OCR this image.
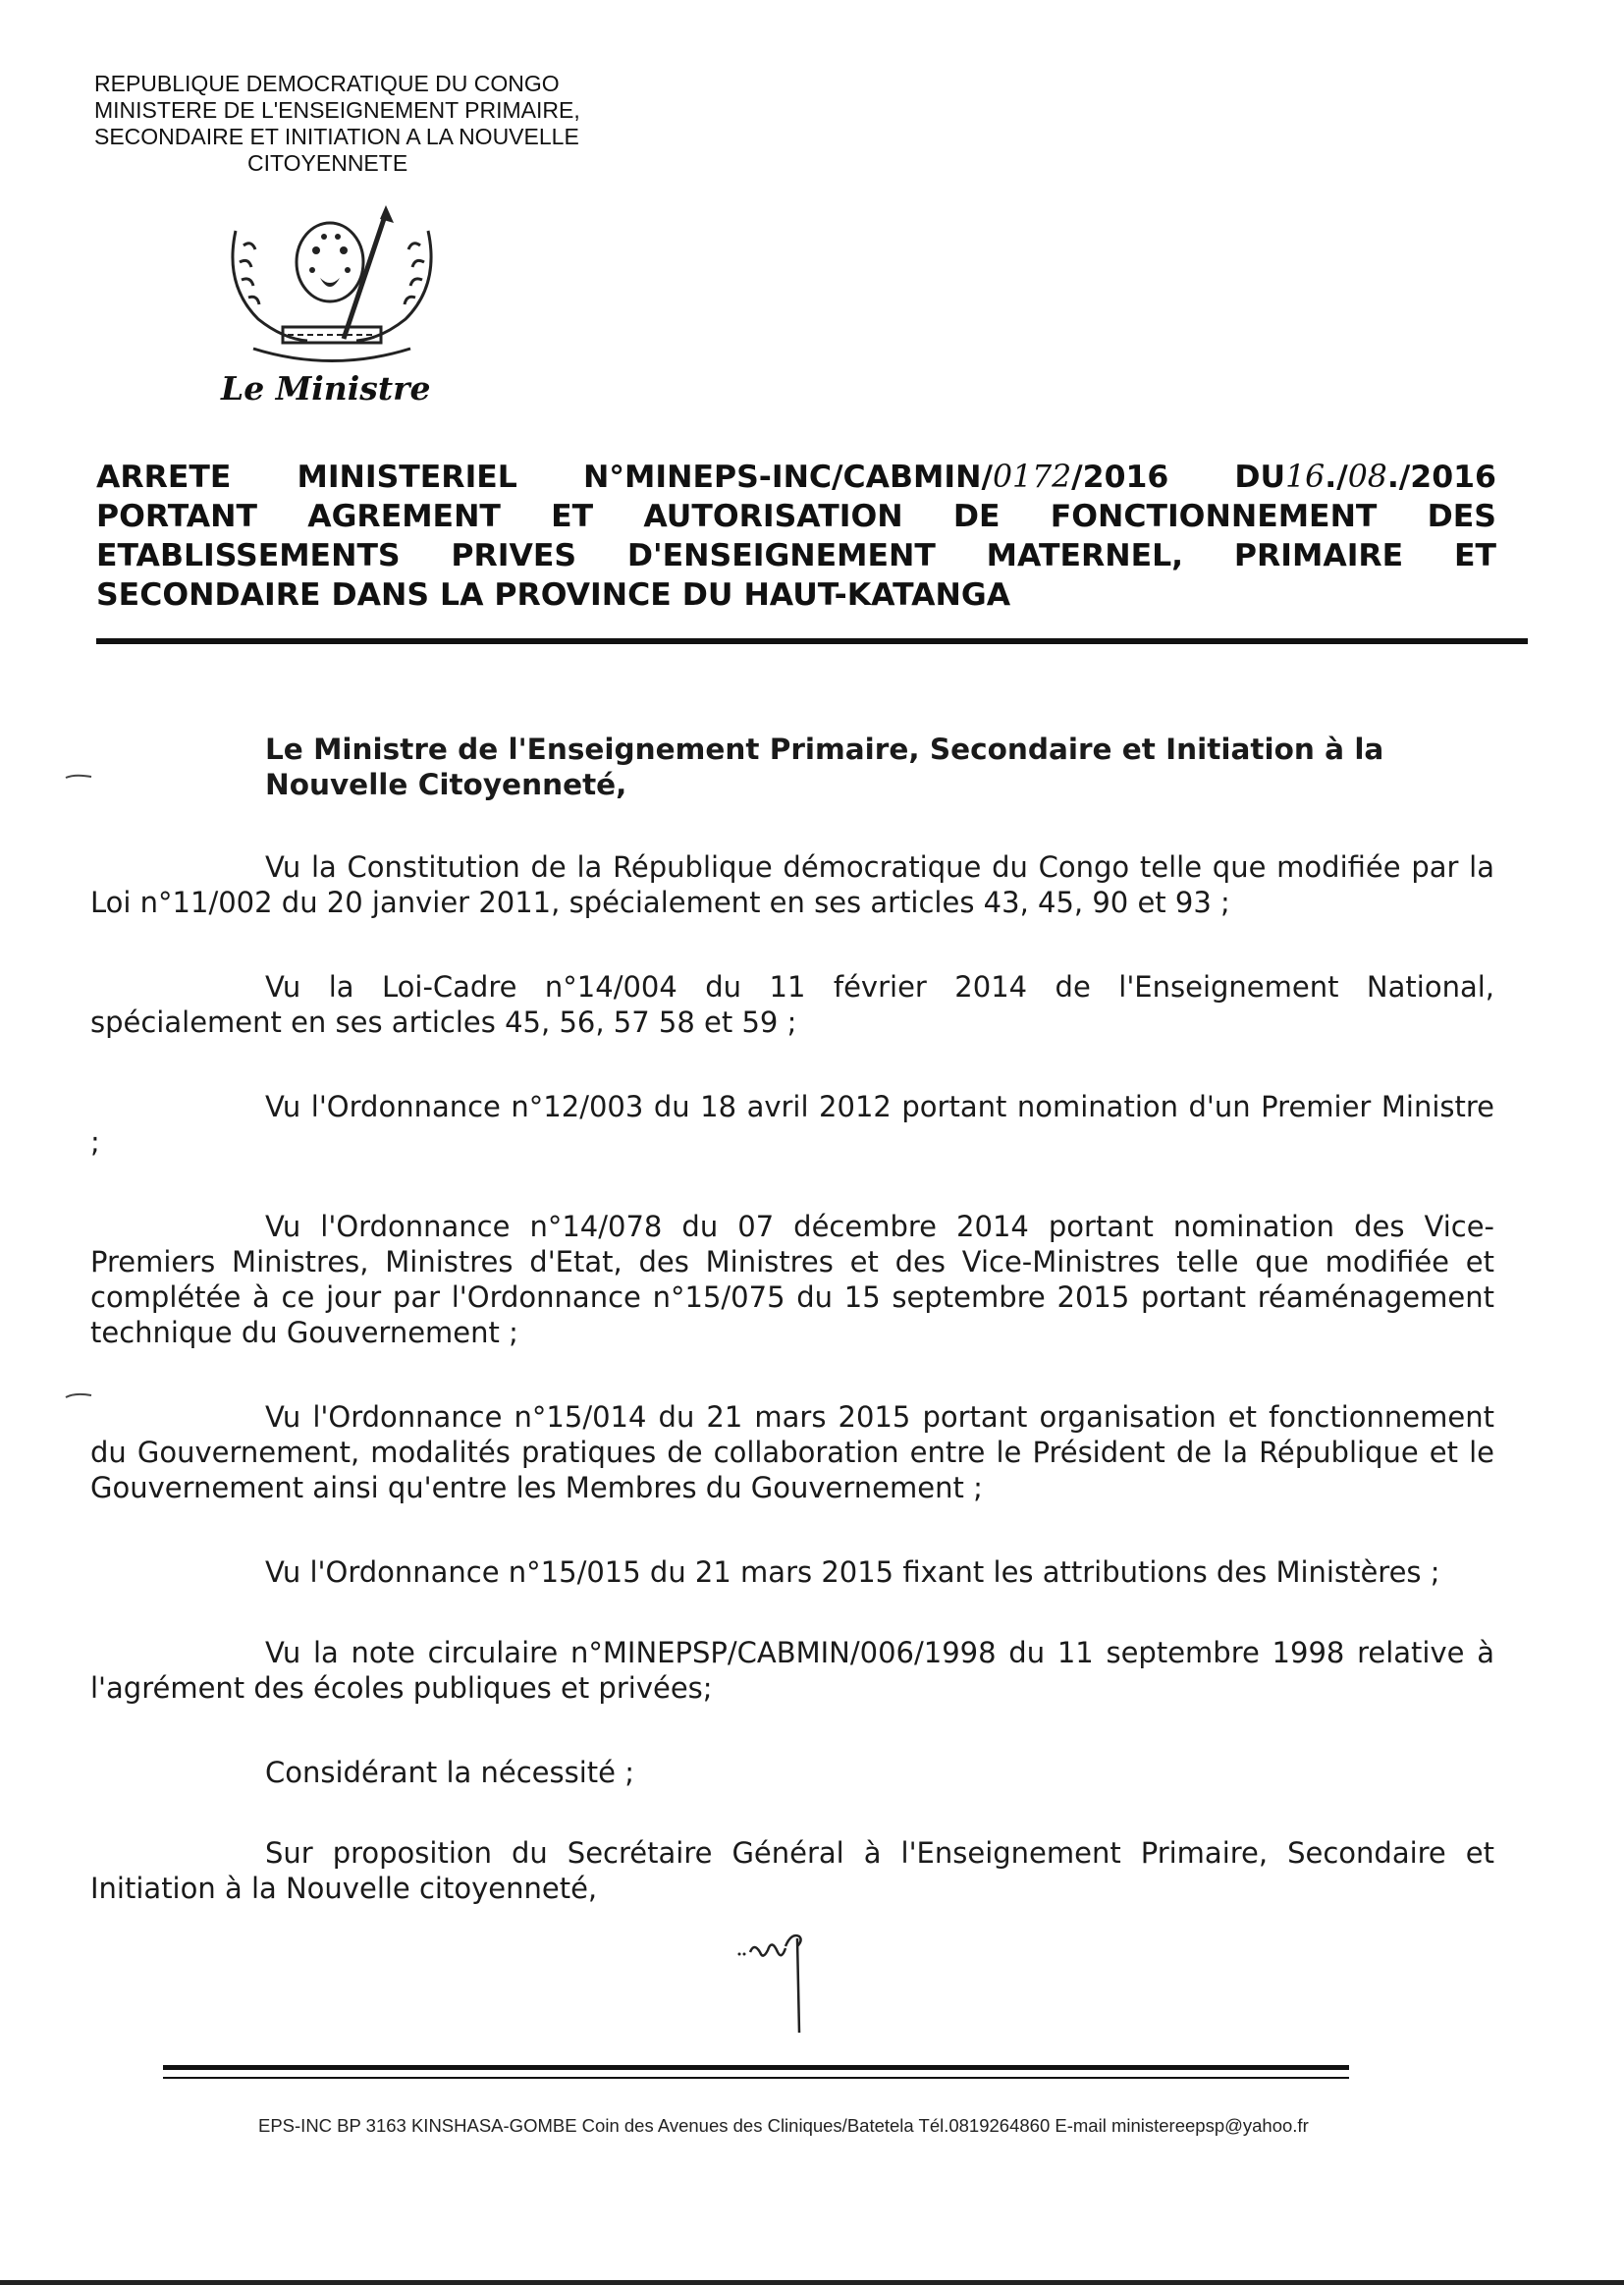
REPUBLIQUE DEMOCRATIQUE DU CONGO
MINISTERE DE L'ENSEIGNEMENT PRIMAIRE,
SECONDAIRE ET INITIATION A LA NOUVELLE
CITOYENNETE
Le Ministre
ARRETE MINISTERIEL N°MINEPS-INC/CABMIN/0172/2016 DU16./08./2016
PORTANT AGREMENT ET AUTORISATION DE FONCTIONNEMENT DES
ETABLISSEMENTS PRIVES D'ENSEIGNEMENT MATERNEL, PRIMAIRE ET
SECONDAIRE DANS LA PROVINCE DU HAUT-KATANGA

Le Ministre de l'Enseignement Primaire, Secondaire et Initiation à la Nouvelle Citoyenneté,

Vu la Constitution de la République démocratique du Congo telle que modifiée par la Loi n°11/002 du 20 janvier 2011, spécialement en ses articles 43, 45, 90 et 93 ;

Vu la Loi-Cadre n°14/004 du 11 février 2014 de l'Enseignement National, spécialement en ses articles 45, 56, 57 58 et 59 ;

Vu l'Ordonnance n°12/003 du 18 avril 2012 portant nomination d'un Premier Ministre ;

Vu l'Ordonnance n°14/078 du 07 décembre 2014 portant nomination des Vice-Premiers Ministres, Ministres d'Etat, des Ministres et des Vice-Ministres telle que modifiée et complétée à ce jour par l'Ordonnance n°15/075 du 15 septembre 2015 portant réaménagement technique du Gouvernement ;

Vu l'Ordonnance n°15/014 du 21 mars 2015 portant organisation et fonctionnement du Gouvernement, modalités pratiques de collaboration entre le Président de la République et le Gouvernement ainsi qu'entre les Membres du Gouvernement ;

Vu l'Ordonnance n°15/015 du 21 mars 2015 fixant les attributions des Ministères ;

Vu la note circulaire n°MINEPSP/CABMIN/006/1998 du 11 septembre 1998 relative à l'agrément des écoles publiques et privées;

Considérant la nécessité ;

Sur proposition du Secrétaire Général à l'Enseignement Primaire, Secondaire et Initiation à la Nouvelle citoyenneté,

EPS-INC BP 3163 KINSHASA-GOMBE Coin des Avenues des Cliniques/Batetela Tél.0819264860 E-mail ministereepsp@yahoo.fr
